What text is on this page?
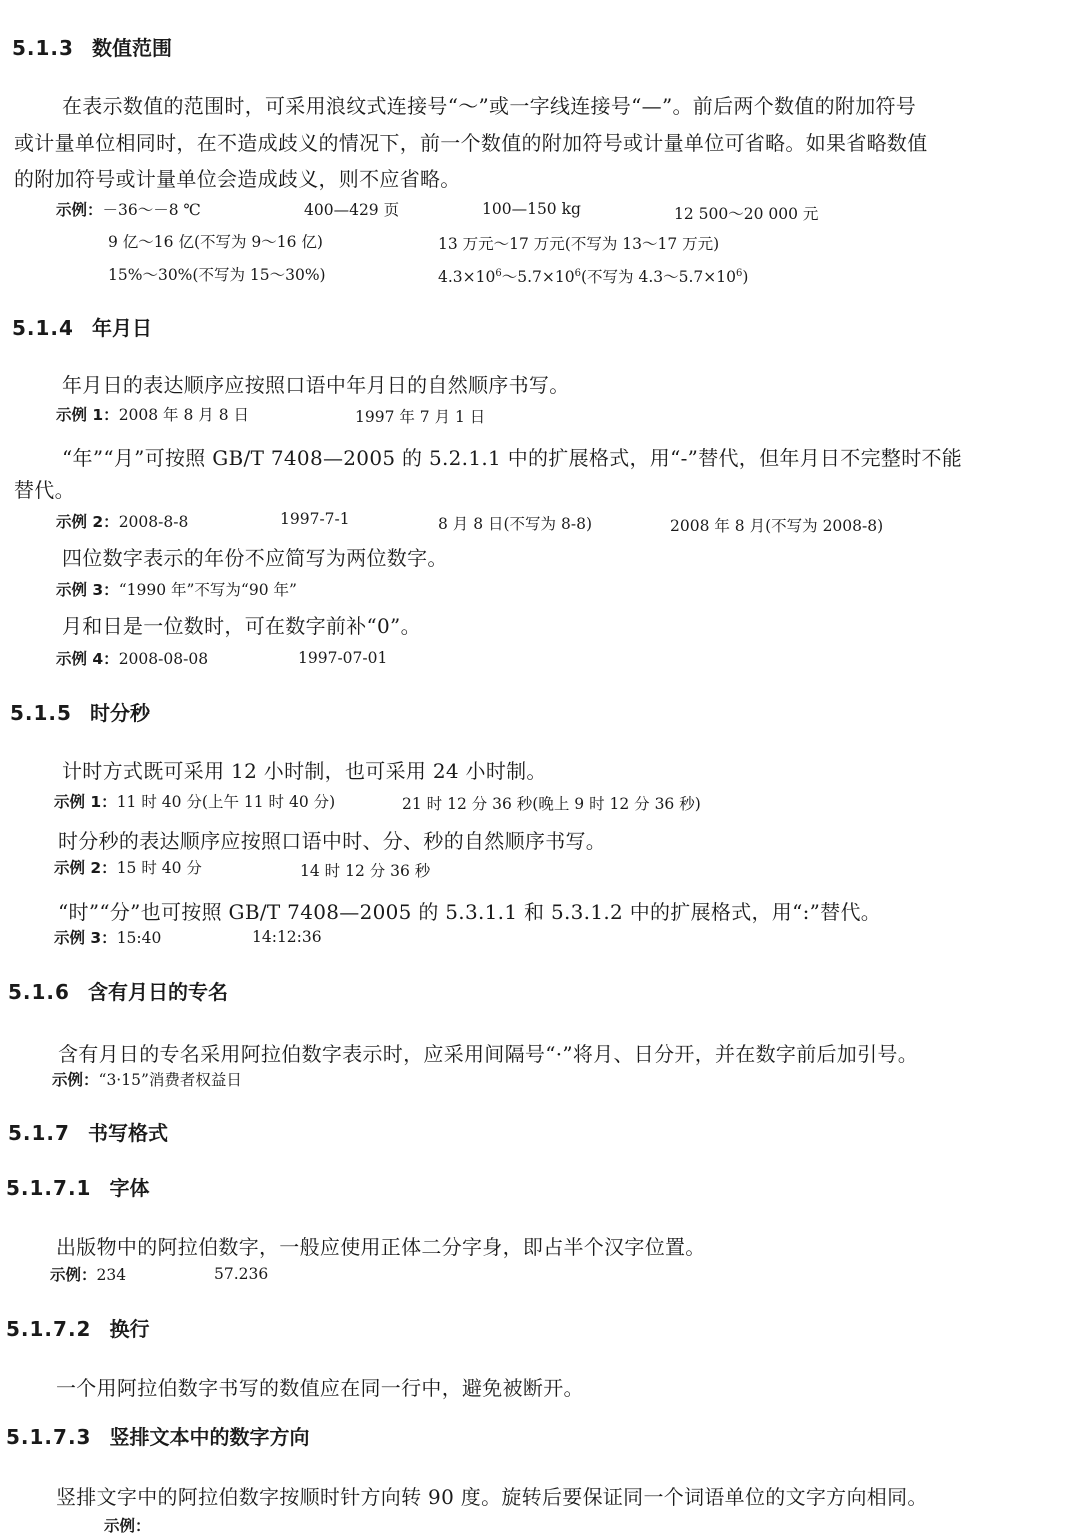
5.1.3 数值范围
在表示数值的范围时，可采用浪纹式连接号“～”或一字线连接号“—”。前后两个数值的附加符号
或计量单位相同时，在不造成歧义的情况下，前一个数值的附加符号或计量单位可省略。如果省略数值
的附加符号或计量单位会造成歧义，则不应省略。
示例：－36～－8 ℃	400—429 页	100—150 kg	12 500～20 000 元
9 亿～16 亿(不写为 9～16 亿)	13 万元～17 万元(不写为 13～17 万元)
15%～30%(不写为 15～30%)	$4.3\times 10^6\sim 5.7\times 10^6$(不写为 $4.3\sim 5.7\times 10^6$)
5.1.4 年月日
年月日的表达顺序应按照口语中年月日的自然顺序书写。
示例 1：2008 年 8 月 8 日	1997 年 7 月 1 日
“年”“月”可按照 GB/T 7408—2005 的 5.2.1.1 中的扩展格式，用“-”替代，但年月日不完整时不能
替代。
示例 2：2008-8-8	1997-7-1	8 月 8 日(不写为 8-8)	2008 年 8 月(不写为 2008-8)
四位数字表示的年份不应简写为两位数字。
示例 3：“1990 年”不写为“90 年”
月和日是一位数时，可在数字前补“0”。
示例 4：2008-08-08	1997-07-01
5.1.5 时分秒
计时方式既可采用 12 小时制，也可采用 24 小时制。
示例 1：11 时 40 分(上午 11 时 40 分)	21 时 12 分 36 秒(晚上 9 时 12 分 36 秒)
时分秒的表达顺序应按照口语中时、分、秒的自然顺序书写。
示例 2：15 时 40 分	14 时 12 分 36 秒
“时”“分”也可按照 GB/T 7408—2005 的 5.3.1.1 和 5.3.1.2 中的扩展格式，用“:”替代。
示例 3：15:40	14:12:36
5.1.6 含有月日的专名
含有月日的专名采用阿拉伯数字表示时，应采用间隔号“·”将月、日分开，并在数字前后加引号。
示例：“3·15”消费者权益日
5.1.7 书写格式
5.1.7.1 字体
出版物中的阿拉伯数字，一般应使用正体二分字身，即占半个汉字位置。
示例：234	57.236
5.1.7.2 换行
一个用阿拉伯数字书写的数值应在同一行中，避免被断开。
5.1.7.3 竖排文本中的数字方向
竖排文字中的阿拉伯数字按顺时针方向转 90 度。旋转后要保证同一个词语单位的文字方向相同。
示例：
